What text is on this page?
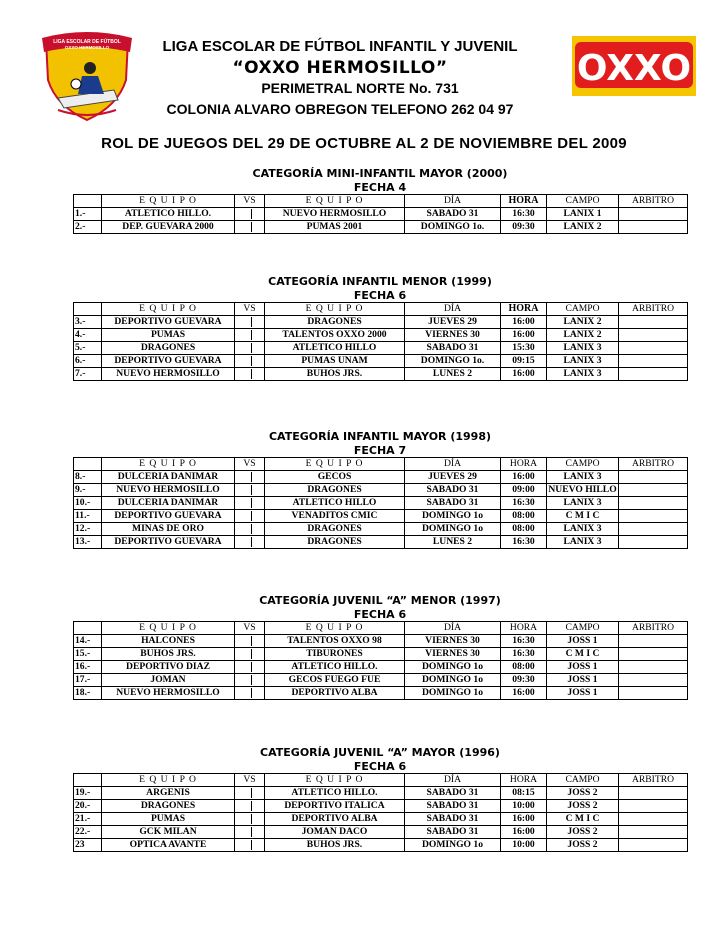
LIGA ESCOLAR DE FÚTBOL
OXXO HERMOSILLO
OXXO
LIGA ESCOLAR DE FÚTBOL INFANTIL Y JUVENIL
“OXXO HERMOSILLO”
PERIMETRAL NORTE No. 731
COLONIA ALVARO OBREGON TELEFONO 262 04 97
ROL DE JUEGOS DEL 29 DE OCTUBRE AL 2 DE NOVIEMBRE DEL 2009
CATEGORÍA MINI-INFANTIL MAYOR (2000)
FECHA 4
	E Q U I P O	VS	E Q U I P O	DÍA	HORA	CAMPO	ARBITRO
1.-	ATLETICO HILLO.		NUEVO HERMOSILLO	SABADO 31	16:30	LANIX 1	
2.-	DEP. GUEVARA 2000		PUMAS 2001	DOMINGO 1o.	09:30	LANIX 2	
CATEGORÍA INFANTIL MENOR (1999)
FECHA 6
	E Q U I P O	VS	E Q U I P O	DÍA	HORA	CAMPO	ARBITRO
3.-	DEPORTIVO GUEVARA		DRAGONES	JUEVES 29	16:00	LANIX 2	
4.-	PUMAS		TALENTOS OXXO 2000	VIERNES 30	16:00	LANIX 2	
5.-	DRAGONES		ATLETICO HILLO	SABADO 31	15:30	LANIX 3	
6.-	DEPORTIVO GUEVARA		PUMAS UNAM	DOMINGO 1o.	09:15	LANIX 3	
7.-	NUEVO HERMOSILLO		BUHOS JRS.	LUNES 2	16:00	LANIX 3	
CATEGORÍA INFANTIL MAYOR (1998)
FECHA 7
	E Q U I P O	VS	E Q U I P O	DÍA	HORA	CAMPO	ARBITRO
8.-	DULCERIA DANIMAR		GECOS	JUEVES 29	16:00	LANIX 3	
9.-	NUEVO HERMOSILLO		DRAGONES	SABADO 31	09:00	NUEVO HILLO	
10.-	DULCERIA DANIMAR		ATLETICO HILLO	SABADO 31	16:30	LANIX 3	
11.-	DEPORTIVO GUEVARA		VENADITOS CMIC	DOMINGO 1o	08:00	C M I C	
12.-	MINAS DE ORO		DRAGONES	DOMINGO 1o	08:00	LANIX 3	
13.-	DEPORTIVO GUEVARA		DRAGONES	LUNES 2	16:30	LANIX 3	
CATEGORÍA JUVENIL “A” MENOR (1997)
FECHA 6
	E Q U I P O	VS	E Q U I P O	DÍA	HORA	CAMPO	ARBITRO
14.-	HALCONES		TALENTOS OXXO 98	VIERNES 30	16:30	JOSS 1	
15.-	BUHOS JRS.		TIBURONES	VIERNES 30	16:30	C M I C	
16.-	DEPORTIVO DIAZ		ATLETICO HILLO.	DOMINGO 1o	08:00	JOSS 1	
17.-	JOMAN		GECOS FUEGO FUE	DOMINGO 1o	09:30	JOSS 1	
18.-	NUEVO HERMOSILLO		DEPORTIVO ALBA	DOMINGO 1o	16:00	JOSS 1	
CATEGORÍA JUVENIL “A” MAYOR (1996)
FECHA 6
	E Q U I P O	VS	E Q U I P O	DÍA	HORA	CAMPO	ARBITRO
19.-	ARGENIS		ATLETICO HILLO.	SABADO 31	08:15	JOSS 2	
20.-	DRAGONES		DEPORTIVO ITALICA	SABADO 31	10:00	JOSS 2	
21.-	PUMAS		DEPORTIVO ALBA	SABADO 31	16:00	C M I C	
22.-	GCK MILAN		JOMAN DACO	SABADO 31	16:00	JOSS 2	
23	OPTICA AVANTE		BUHOS JRS.	DOMINGO 1o	10:00	JOSS 2	
